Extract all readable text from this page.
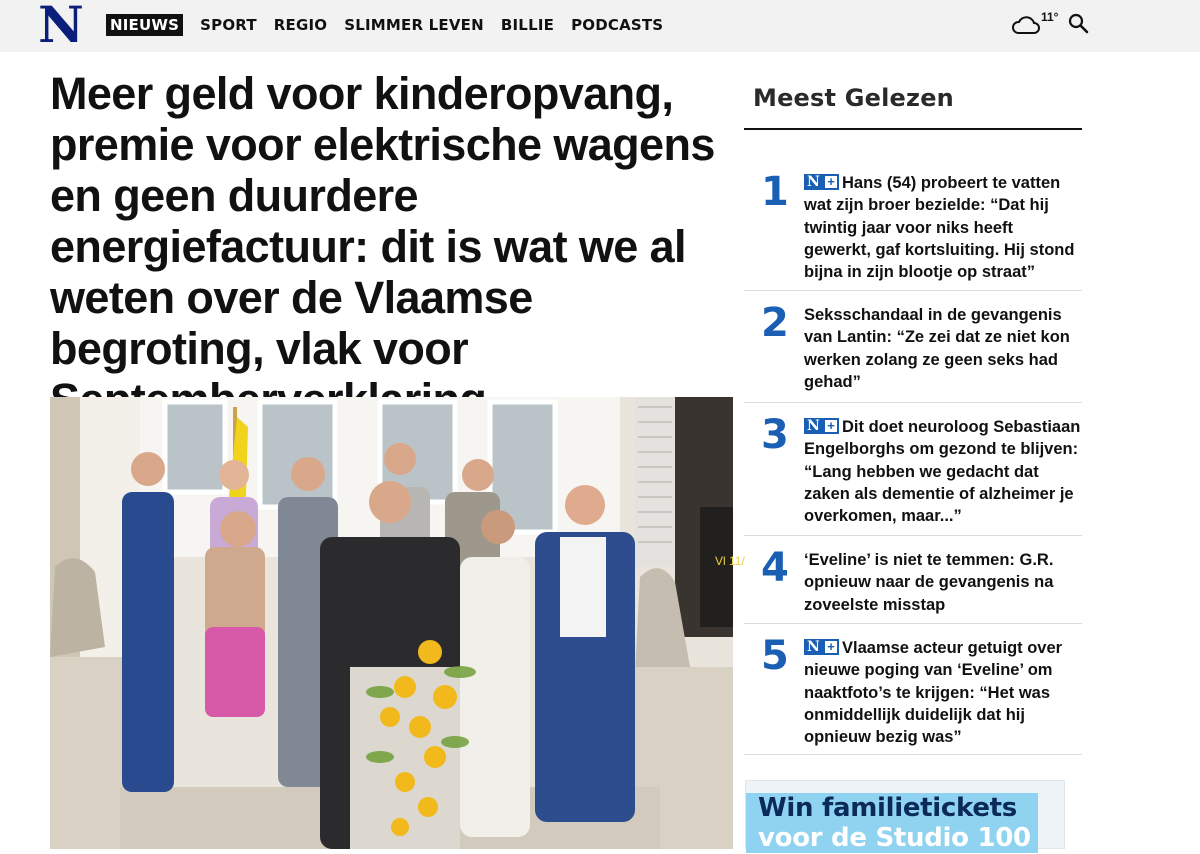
N NIEUWS SPORT REGIO SLIMMER LEVEN BILLIE PODCASTS	11°
Meer geld voor kinderopvang, premie voor elektrische wagens en geen duurdere energiefactuur: dit is wat we al weten over de Vlaamse begroting, vlak voor
Vl 11/
Meest Gelezen
1 N + Hans (54) probeert te vatten wat zijn broer bezielde: “Dat hij twintig jaar voor niks heeft gewerkt, gaf kortsluiting. Hij stond bijna in zijn blootje op straat”
2 Seksschandaal in de gevangenis van Lantin: “Ze zei dat ze niet kon werken zolang ze geen seks had gehad”
3 N + Dit doet neuroloog Sebastiaan Engelborghs om gezond te blijven: “Lang hebben we gedacht dat zaken als dementie of alzheimer je overkomen, maar...”
4 ‘Eveline’ is niet te temmen: G.R. opnieuw naar de gevangenis na zoveelste misstap
5 N + Vlaamse acteur getuigt over nieuwe poging van ‘Eveline’ om naaktfoto’s te krijgen: “Het was onmiddellijk duidelijk dat hij opnieuw bezig was”
Win familietickets
voor de Studio 100
